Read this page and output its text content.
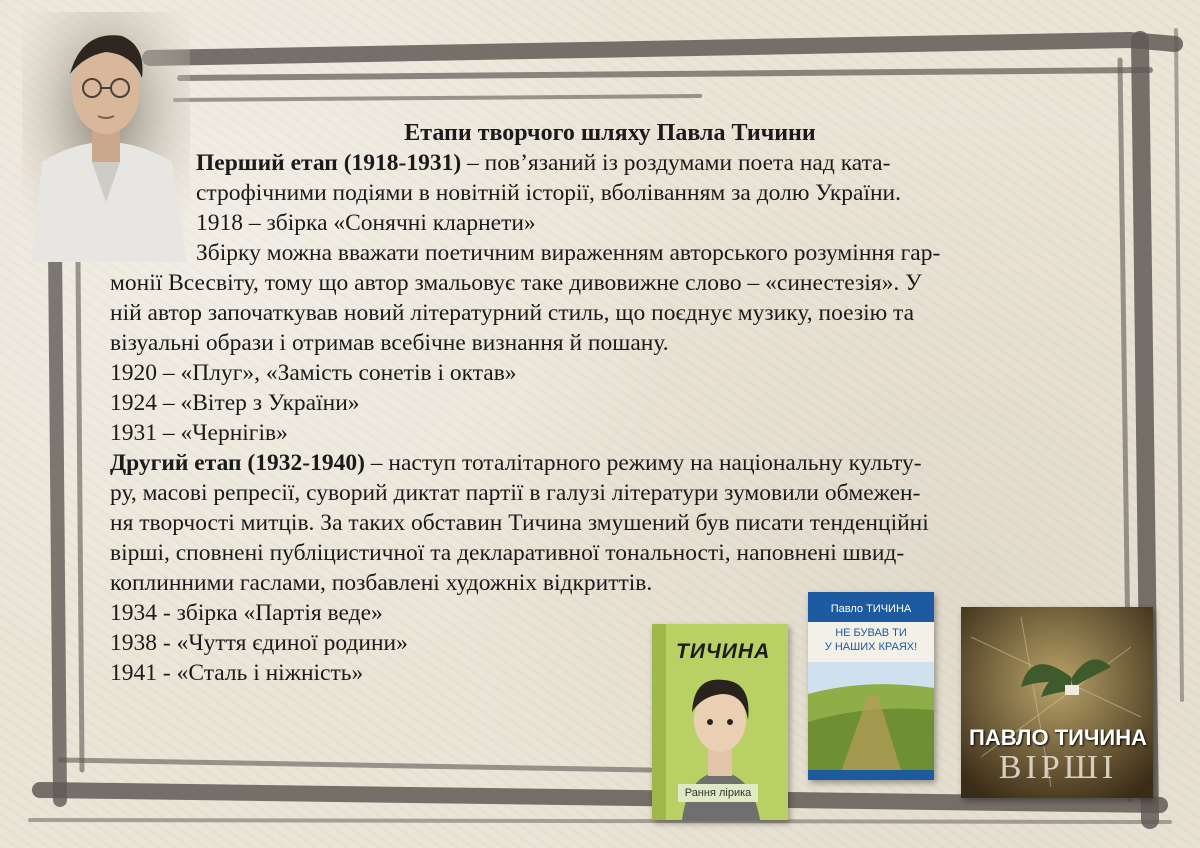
Етапи творчого шляху Павла Тичини
Перший етап (1918-1931) – пов’язаний із роздумами поета над ката-
строфічними подіями в новітній історії, вболіванням за долю України.
1918 – збірка «Сонячні кларнети»
Збірку можна вважати поетичним вираженням авторського розуміння гар-
монії Всесвіту, тому що автор змальовує таке дивовижне слово – «синестезія». У
ній автор започаткував новий літературний стиль, що поєднує музику, поезію та
візуальні образи і отримав всебічне визнання й пошану.
1920 – «Плуг», «Замість сонетів і октав»
1924 – «Вітер з України»
1931 – «Чернігів»
Другий етап (1932-1940) – наступ тоталітарного режиму на національну культу-
ру, масові репресії, суворий диктат партії в галузі літератури зумовили обмежен-
ня творчості митців. За таких обставин Тичина змушений був писати тенденційні
вірші, сповнені публіцистичної та декларативної тональності, наповнені швид-
коплинними гаслами, позбавлені художніх відкриттів.
1934 - збірка «Партія веде»
1938 - «Чуття єдиної родини»
1941 - «Сталь і ніжність»
ТИЧИНА
Рання лірика
Павло ТИЧИНА
НЕ БУВАВ ТИ
У НАШИХ КРАЯХ!
ПАВЛО ТИЧИНА
ВІРШІ
